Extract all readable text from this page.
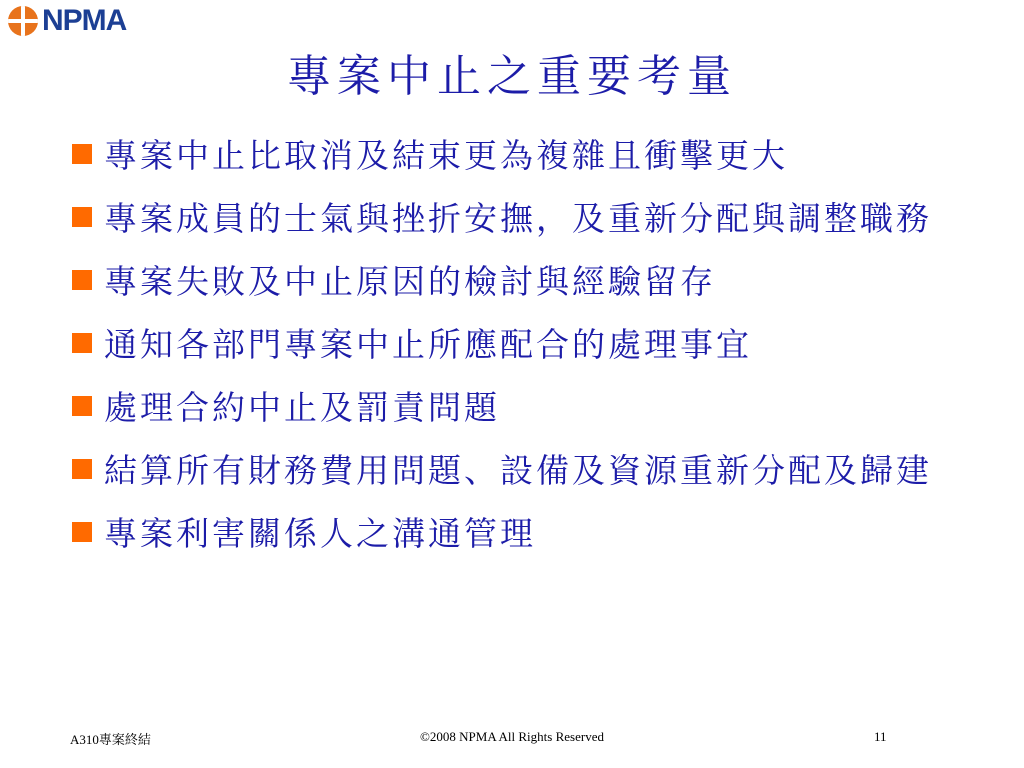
NPMA
專案中止之重要考量
專案中止比取消及結束更為複雜且衝擊更大
專案成員的士氣與挫折安撫，及重新分配與調整職務
專案失敗及中止原因的檢討與經驗留存
通知各部門專案中止所應配合的處理事宜
處理合約中止及罰責問題
結算所有財務費用問題、設備及資源重新分配及歸建
專案利害關係人之溝通管理
A310專案終結	©2008 NPMA All Rights Reserved	11
